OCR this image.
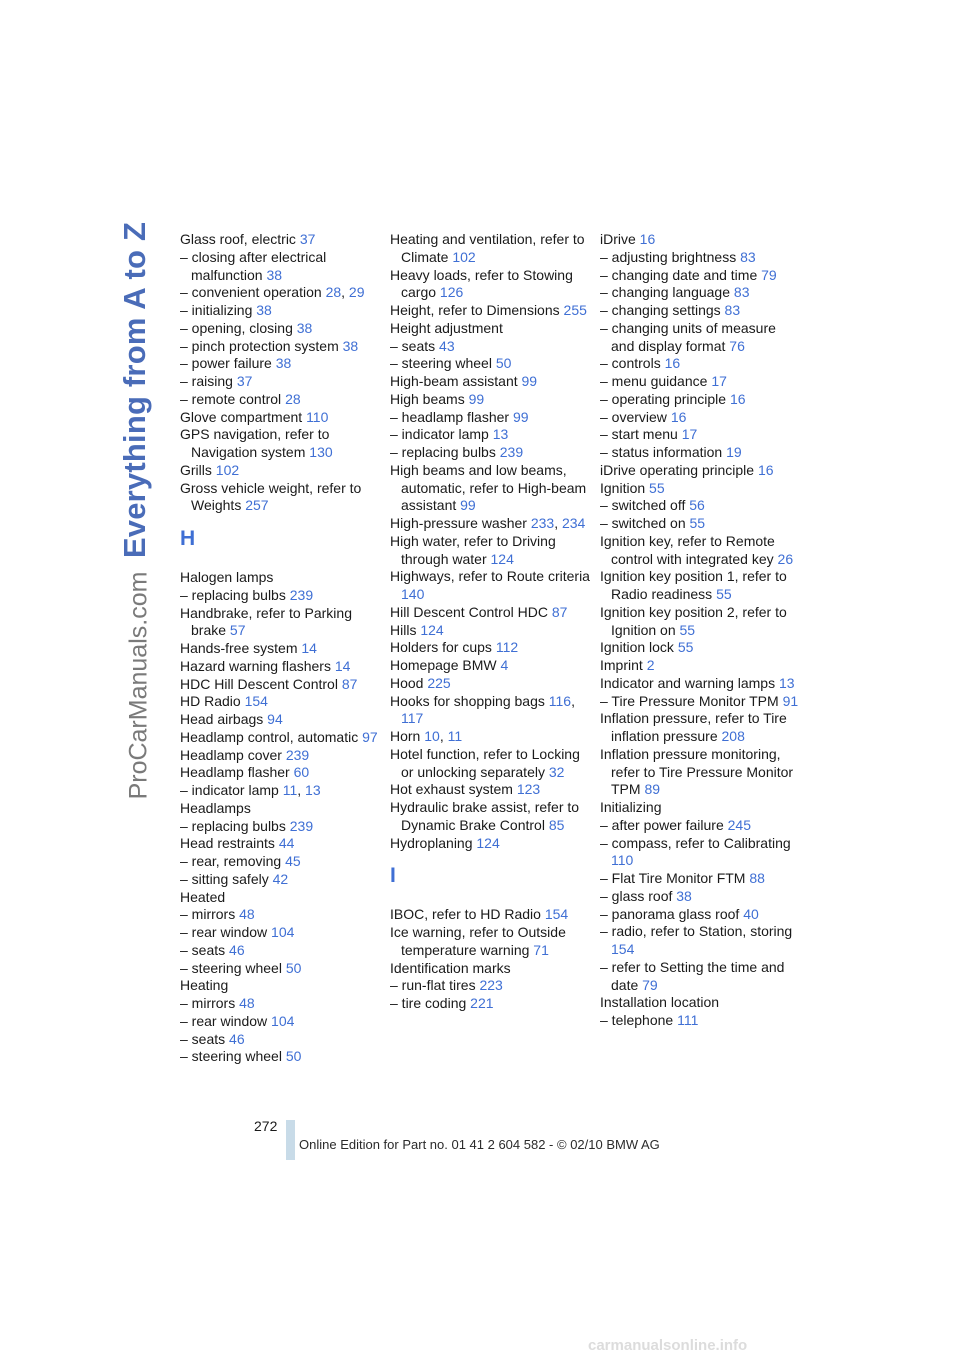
Everything from A to Z
ProCarManuals.com
Glass roof, electric 37
– closing after electrical malfunction 38
– convenient operation 28, 29
– initializing 38
– opening, closing 38
– pinch protection system 38
– power failure 38
– raising 37
– remote control 28
Glove compartment 110
GPS navigation, refer to Navigation system 130
Grills 102
Gross vehicle weight, refer to Weights 257
H
Halogen lamps
– replacing bulbs 239
Handbrake, refer to Parking brake 57
Hands-free system 14
Hazard warning flashers 14
HDC Hill Descent Control 87
HD Radio 154
Head airbags 94
Headlamp control, automatic 97
Headlamp cover 239
Headlamp flasher 60
– indicator lamp 11, 13
Headlamps
– replacing bulbs 239
Head restraints 44
– rear, removing 45
– sitting safely 42
Heated
– mirrors 48
– rear window 104
– seats 46
– steering wheel 50
Heating
– mirrors 48
– rear window 104
– seats 46
– steering wheel 50
Heating and ventilation, refer to Climate 102
Heavy loads, refer to Stowing cargo 126
Height, refer to Dimensions 255
Height adjustment
– seats 43
– steering wheel 50
High-beam assistant 99
High beams 99
– headlamp flasher 99
– indicator lamp 13
– replacing bulbs 239
High beams and low beams, automatic, refer to High-beam assistant 99
High-pressure washer 233, 234
High water, refer to Driving through water 124
Highways, refer to Route criteria 140
Hill Descent Control HDC 87
Hills 124
Holders for cups 112
Homepage BMW 4
Hood 225
Hooks for shopping bags 116, 117
Horn 10, 11
Hotel function, refer to Locking or unlocking separately 32
Hot exhaust system 123
Hydraulic brake assist, refer to Dynamic Brake Control 85
Hydroplaning 124
I
IBOC, refer to HD Radio 154
Ice warning, refer to Outside temperature warning 71
Identification marks
– run-flat tires 223
– tire coding 221
iDrive 16
– adjusting brightness 83
– changing date and time 79
– changing language 83
– changing settings 83
– changing units of measure and display format 76
– controls 16
– menu guidance 17
– operating principle 16
– overview 16
– start menu 17
– status information 19
iDrive operating principle 16
Ignition 55
– switched off 56
– switched on 55
Ignition key, refer to Remote control with integrated key 26
Ignition key position 1, refer to Radio readiness 55
Ignition key position 2, refer to Ignition on 55
Ignition lock 55
Imprint 2
Indicator and warning lamps 13
– Tire Pressure Monitor TPM 91
Inflation pressure, refer to Tire inflation pressure 208
Inflation pressure monitoring, refer to Tire Pressure Monitor TPM 89
Initializing
– after power failure 245
– compass, refer to Calibrating 110
– Flat Tire Monitor FTM 88
– glass roof 38
– panorama glass roof 40
– radio, refer to Station, storing 154
– refer to Setting the time and date 79
Installation location
– telephone 111
272
Online Edition for Part no. 01 41 2 604 582 - © 02/10 BMW AG
carmanualsonline.info
